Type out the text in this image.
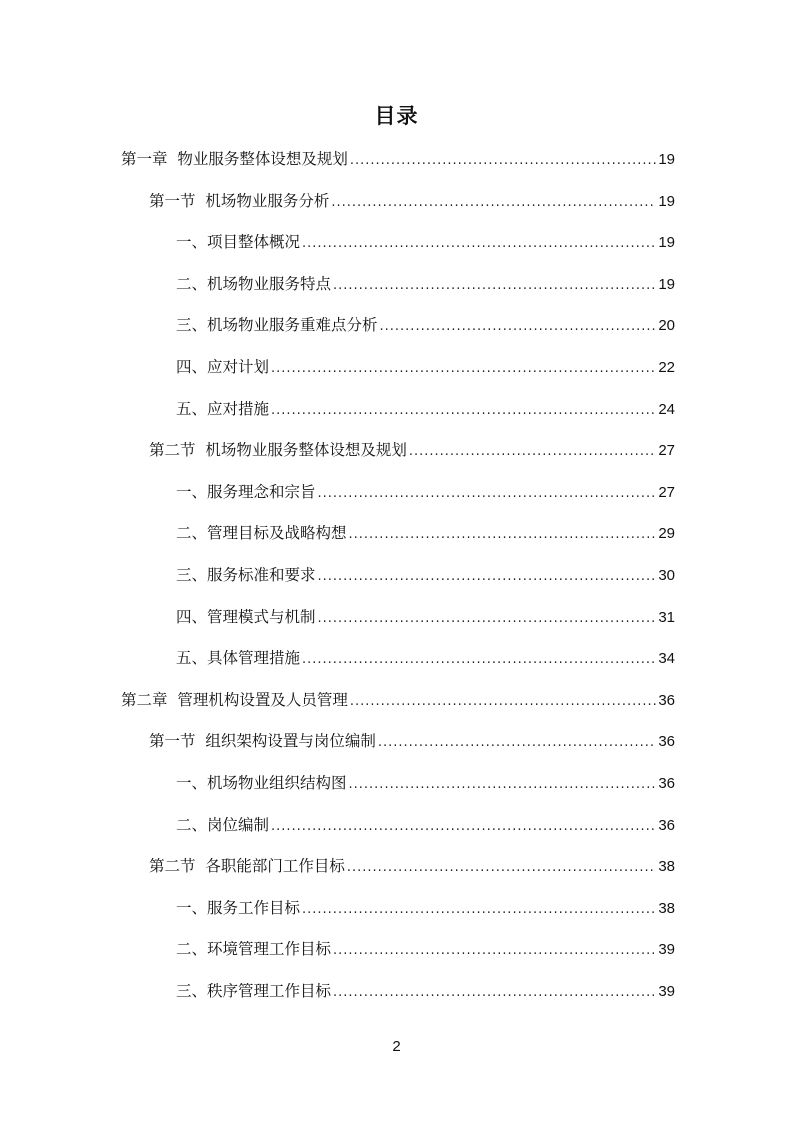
目录
第一章  物业服务整体设想及规划 .....	19
第一节  机场物业服务分析 .....	19
一、项目整体概况 .....	19
二、机场物业服务特点 .....	19
三、机场物业服务重难点分析 .....	20
四、应对计划 .....	22
五、应对措施 .....	24
第二节  机场物业服务整体设想及规划 .....	27
一、服务理念和宗旨 .....	27
二、管理目标及战略构想 .....	29
三、服务标准和要求 .....	30
四、管理模式与机制 .....	31
五、具体管理措施 .....	34
第二章  管理机构设置及人员管理 .....	36
第一节  组织架构设置与岗位编制 .....	36
一、机场物业组织结构图 .....	36
二、岗位编制 .....	36
第二节  各职能部门工作目标 .....	38
一、服务工作目标 .....	38
二、环境管理工作目标 .....	39
三、秩序管理工作目标 .....	39
2
